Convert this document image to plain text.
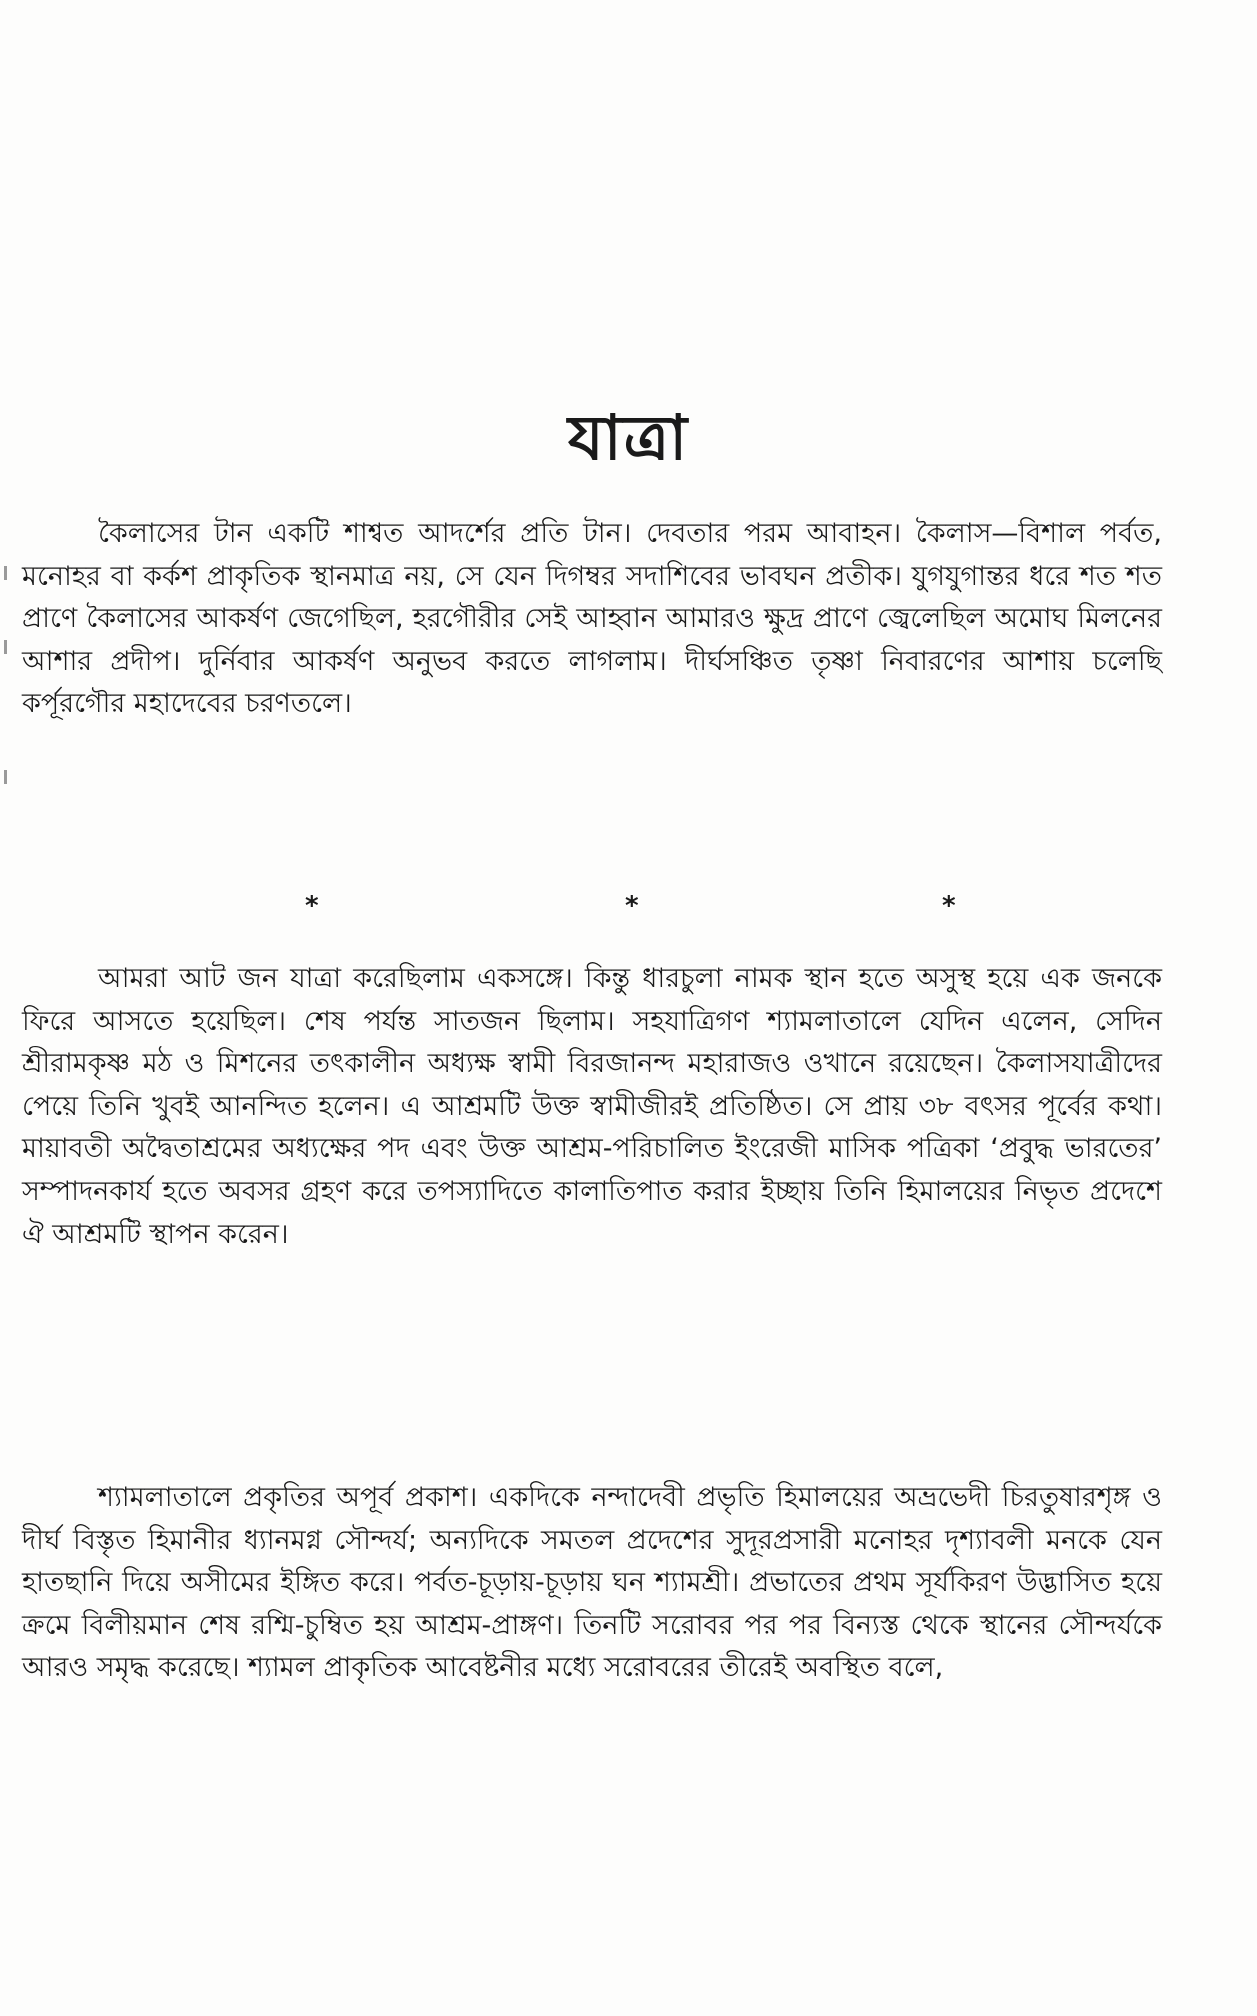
যাত্রা

কৈলাসের টান একটি শাশ্বত আদর্শের প্রতি টান। দেবতার পরম আবাহন। কৈলাস—বিশাল পর্বত, মনোহর বা কর্কশ প্রাকৃতিক স্থানমাত্র নয়, সে যেন দিগম্বর সদাশিবের ভাবঘন প্রতীক। যুগযুগান্তর ধরে শত শত প্রাণে কৈলাসের আকর্ষণ জেগেছিল, হরগৌরীর সেই আহ্বান আমারও ক্ষুদ্র প্রাণে জ্বেলেছিল অমোঘ মিলনের আশার প্রদীপ। দুর্নিবার আকর্ষণ অনুভব করতে লাগলাম। দীর্ঘসঞ্চিত তৃষ্ণা নিবারণের আশায় চলেছি কর্পূরগৌর মহাদেবের চরণতলে।

*	*	*

আমরা আট জন যাত্রা করেছিলাম একসঙ্গে। কিন্তু ধারচুলা নামক স্থান হতে অসুস্থ হয়ে এক জনকে ফিরে আসতে হয়েছিল। শেষ পর্যন্ত সাতজন ছিলাম। সহযাত্রিগণ শ্যামলাতালে যেদিন এলেন, সেদিন শ্রীরামকৃষ্ণ মঠ ও মিশনের তৎকালীন অধ্যক্ষ স্বামী বিরজানন্দ মহারাজও ওখানে রয়েছেন। কৈলাসযাত্রীদের পেয়ে তিনি খুবই আনন্দিত হলেন। এ আশ্রমটি উক্ত স্বামীজীরই প্রতিষ্ঠিত। সে প্রায় ৩৮ বৎসর পূর্বের কথা। মায়াবতী অদ্বৈতাশ্রমের অধ্যক্ষের পদ এবং উক্ত আশ্রম-পরিচালিত ইংরেজী মাসিক পত্রিকা ‘প্রবুদ্ধ ভারতের’ সম্পাদনকার্য হতে অবসর গ্রহণ করে তপস্যাদিতে কালাতিপাত করার ইচ্ছায় তিনি হিমালয়ের নিভৃত প্রদেশে ঐ আশ্রমটি স্থাপন করেন।

শ্যামলাতালে প্রকৃতির অপূর্ব প্রকাশ। একদিকে নন্দাদেবী প্রভৃতি হিমালয়ের অভ্রভেদী চিরতুষারশৃঙ্গ ও দীর্ঘ বিস্তৃত হিমানীর ধ্যানমগ্ন সৌন্দর্য; অন্যদিকে সমতল প্রদেশের সুদূরপ্রসারী মনোহর দৃশ্যাবলী মনকে যেন হাতছানি দিয়ে অসীমের ইঙ্গিত করে। পর্বত-চূড়ায়-চূড়ায় ঘন শ্যামশ্রী। প্রভাতের প্রথম সূর্যকিরণ উদ্ভাসিত হয়ে ক্রমে বিলীয়মান শেষ রশ্মি-চুম্বিত হয় আশ্রম-প্রাঙ্গণ। তিনটি সরোবর পর পর বিন্যস্ত থেকে স্থানের সৌন্দর্যকে আরও সমৃদ্ধ করেছে। শ্যামল প্রাকৃতিক আবেষ্টনীর মধ্যে সরোবরের তীরেই অবস্থিত বলে,
